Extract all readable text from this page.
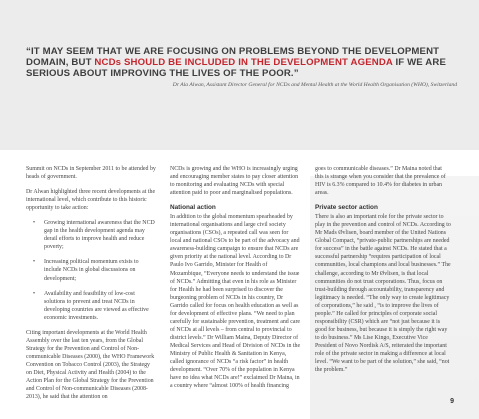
“IT MAY SEEM THAT WE ARE FOCUSING ON PROBLEMS BEYOND THE DEVELOPMENT DOMAIN, BUT NCDs SHOULD BE INCLUDED IN THE DEVELOPMENT AGENDA IF WE ARE SERIOUS ABOUT IMPROVING THE LIVES OF THE POOR.”

Dr Ala Alwan, Assistant Director General for NCDs and Mental Health at the World Health Organisation (WHO), Switzerland

Summit on NCDs in September 2011 to be attended by heads of government.

Dr Alwan highlighted three recent developments at the international level, which contribute to this historic opportunity to take action:

• Growing international awareness that the NCD gap in the health development agenda may derail efforts to improve health and reduce poverty;
• Increasing political momentum exists to include NCDs in global discussions on development;
• Availability and feasibility of low-cost solutions to prevent and treat NCDs in developing countries are viewed as effective economic investments.

Citing important developments at the World Health Assembly over the last ten years, from the Global Strategy for the Prevention and Control of Non-communicable Diseases (2000), the WHO Framework Convention on Tobacco Control (2003), the Strategy on Diet, Physical Activity and Health (2004) to the Action Plan for the Global Strategy for the Prevention and Control of Non-communicable Diseases (2008-2013), he said that the attention on

NCDs is growing and the WHO is increasingly urging and encouraging member states to pay closer attention to monitoring and evaluating NCDs with special attention paid to poor and marginalised populations.

National action

In addition to the global momentum spearheaded by international organisations and large civil society organisations (CSOs), a repeated call was seen for local and national CSOs to be part of the advocacy and awareness-building campaign to ensure that NCDs are given priority at the national level. According to Dr Paulo Ivo Garrido, Minister for Health of Mozambique, “Everyone needs to understand the issue of NCDs.” Admitting that even in his role as Minister for Health he had been surprised to discover the burgeoning problem of NCDs in his country, Dr Garrido called for focus on health education as well as for development of effective plans. “We need to plan carefully for sustainable prevention, treatment and care of NCDs at all levels – from central to provincial to district levels.” Dr William Maina, Deputy Director of Medical Services and Head of Division of NCDs in the Ministry of Public Health & Sanitation in Kenya, called ignorance of NCDs “a risk factor” in health development. “Over 70% of the population in Kenya have no idea what NCDs are!” exclaimed Dr Maina, in a country where “almost 100% of health financing

goes to communicable diseases.” Dr Maina noted that this is strange when you consider that the prevalence of HIV is 6.3% compared to 10.4% for diabetes in urban areas.

Private sector action

There is also an important role for the private sector to play in the prevention and control of NCDs. According to Mr Mads Øvlisen, board member of the United Nations Global Compact, “private-public partnerships are needed for success” in the battle against NCDs. He stated that a successful partnership “requires participation of local communities, local champions and local businesses.” The challenge, according to Mr Øvlisen, is that local communities do not trust corporations. Thus, focus on trust-building through accountability, transparency and legitimacy is needed. “The only way to create legitimacy of corporations,” he said , “is to improve the lives of people.” He called for principles of corporate social responsibility (CSR) which are “not just because it is good for business, but because it is simply the right way to do business.” Ms Lise Kingo, Executive Vice President of Novo Nordisk A/S, reiterated the important role of the private sector in making a difference at local level. “We want to be part of the solution,” she said, “not the problem.”

9
